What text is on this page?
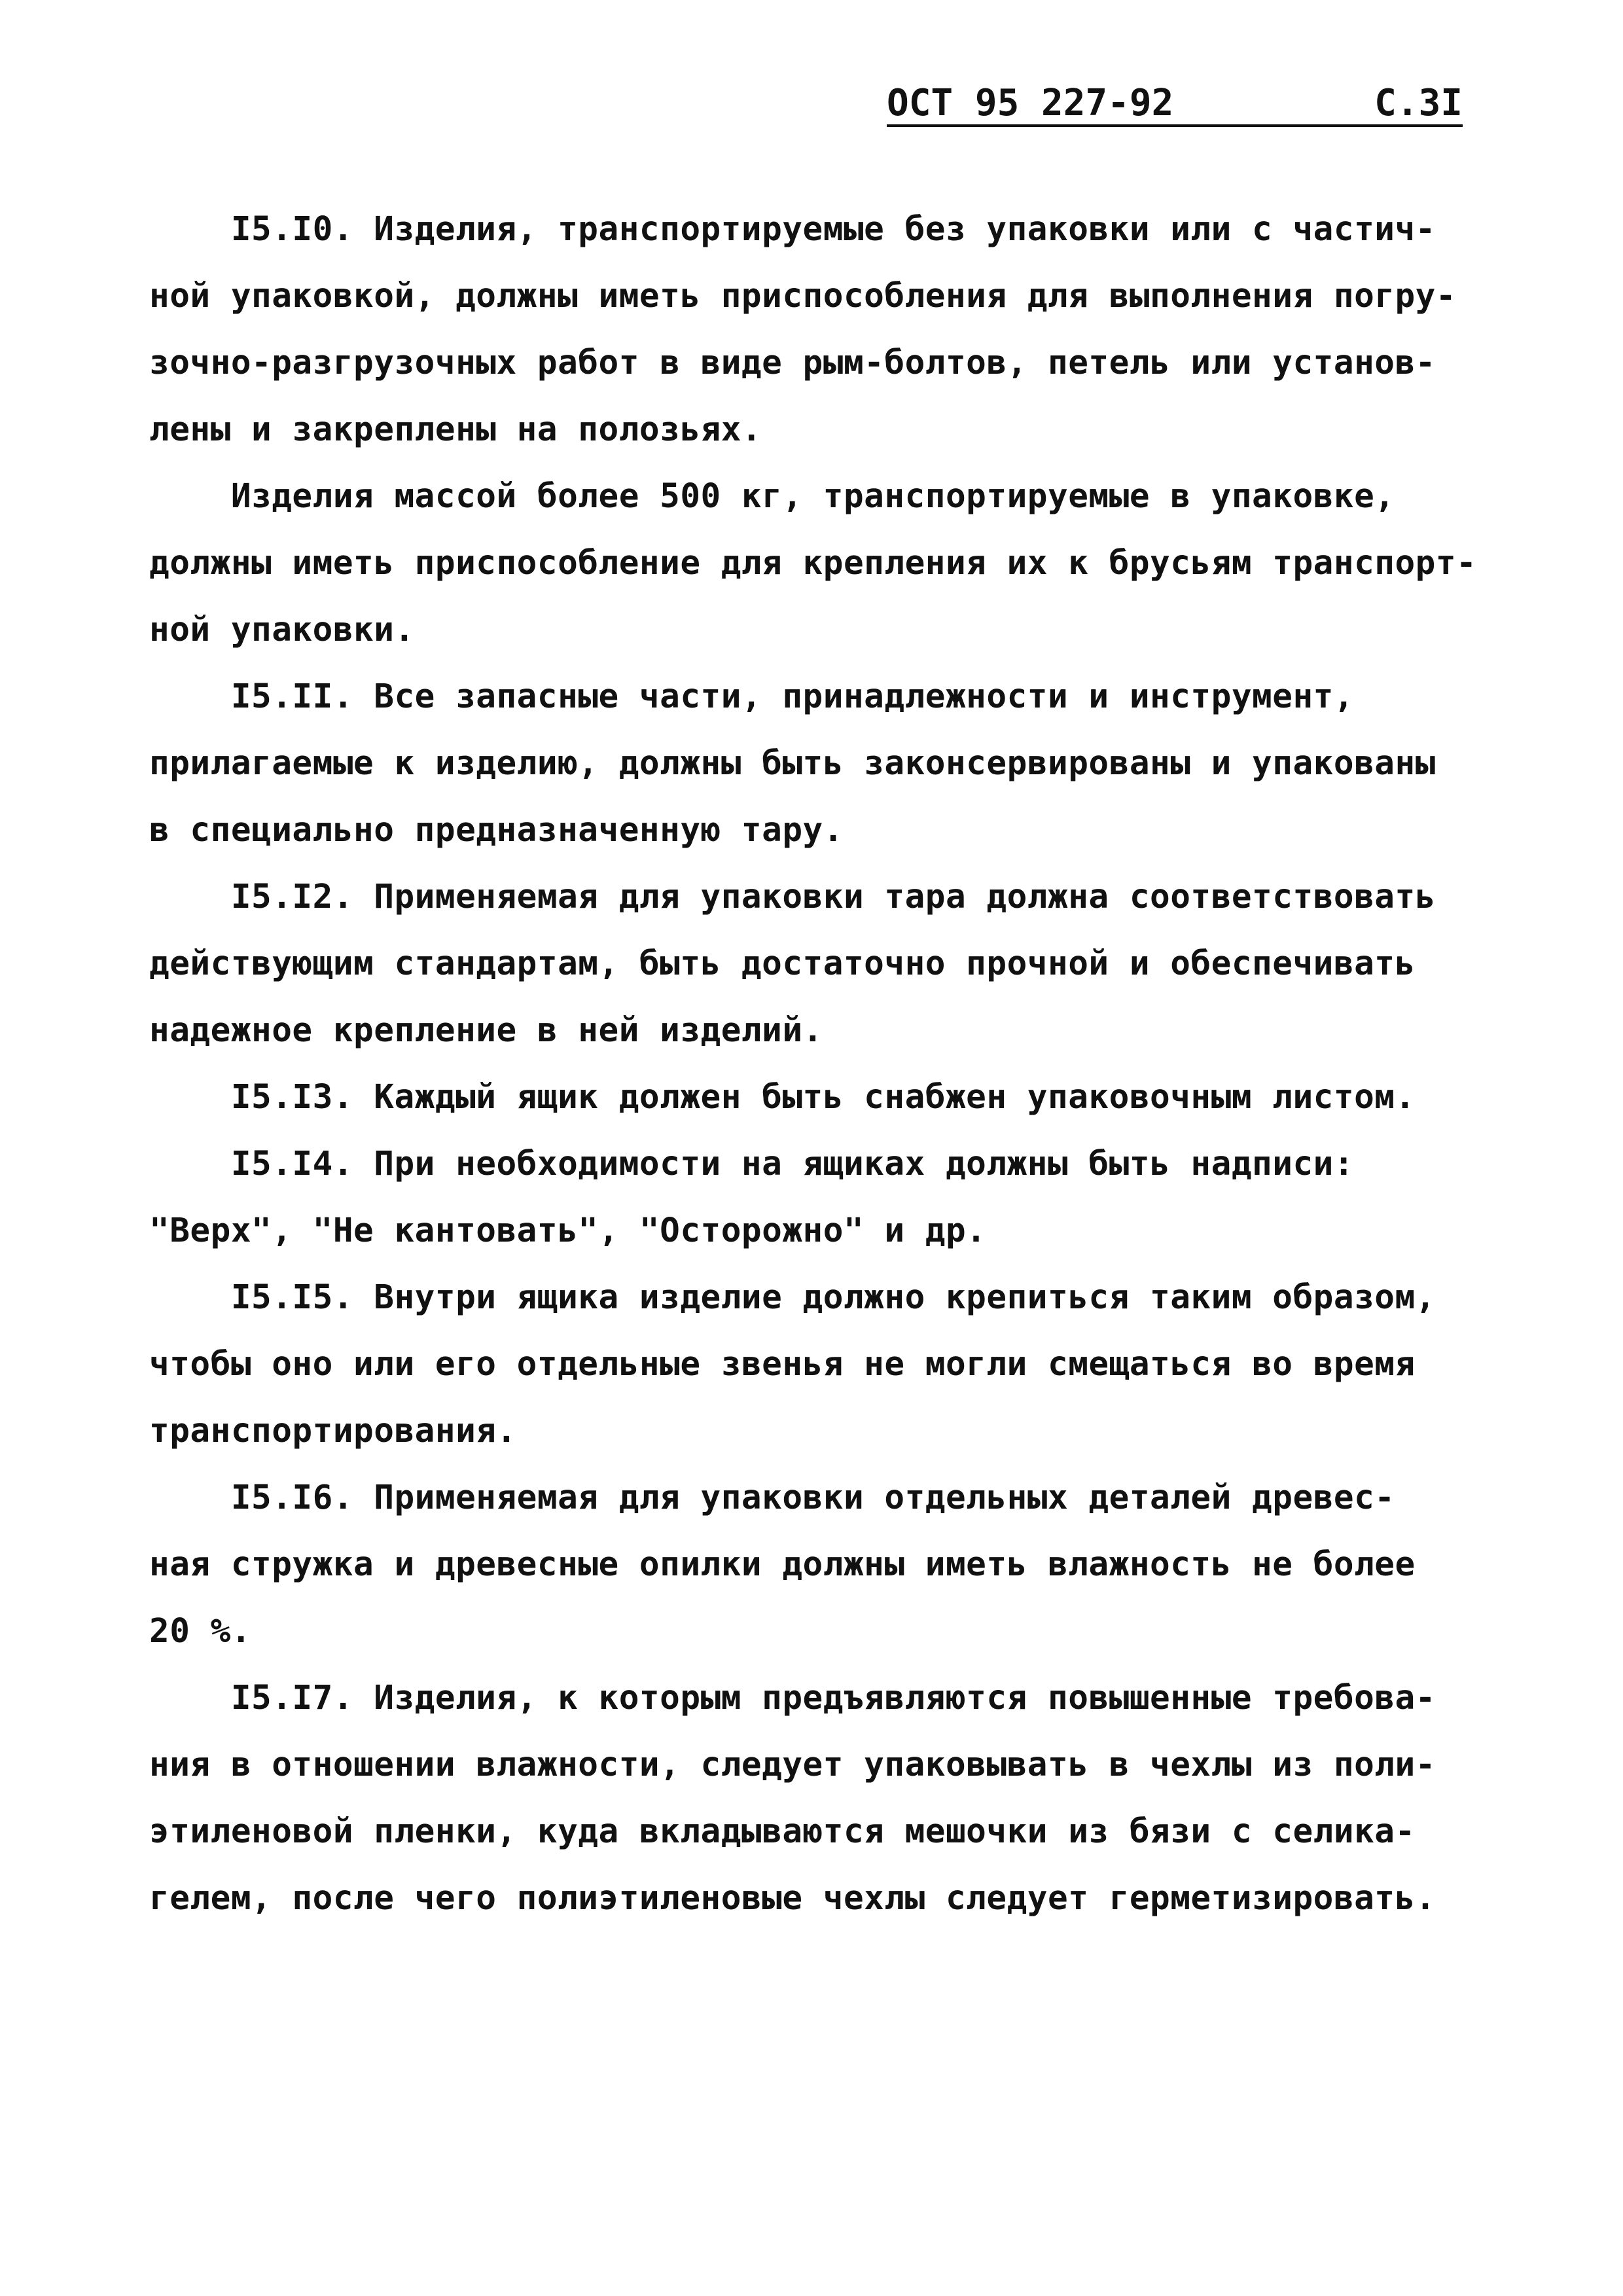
ОСТ 95 227-92	С.3I

I5.I0. Изделия, транспортируемые без упаковки или с частич-
ной упаковкой, должны иметь приспособления для выполнения погру-
зочно-разгрузочных работ в виде рым-болтов, петель или установ-
лены и закреплены на полозьях.

Изделия массой более 500 кг, транспортируемые в упаковке,
должны иметь приспособление для крепления их к брусьям транспорт-
ной упаковки.

I5.II. Все запасные части, принадлежности и инструмент,
прилагаемые к изделию, должны быть законсервированы и упакованы
в специально предназначенную тару.

I5.I2. Применяемая для упаковки тара должна соответствовать
действующим стандартам, быть достаточно прочной и обеспечивать
надежное крепление в ней изделий.

I5.I3. Каждый ящик должен быть снабжен упаковочным листом.

I5.I4. При необходимости на ящиках должны быть надписи:
"Верх", "Не кантовать", "Осторожно" и др.

I5.I5. Внутри ящика изделие должно крепиться таким образом,
чтобы оно или его отдельные звенья не могли смещаться во время
транспортирования.

I5.I6. Применяемая для упаковки отдельных деталей древес-
ная стружка и древесные опилки должны иметь влажность не более
20 %.

I5.I7. Изделия, к которым предъявляются повышенные требова-
ния в отношении влажности, следует упаковывать в чехлы из поли-
этиленовой пленки, куда вкладываются мешочки из бязи с селика-
гелем, после чего полиэтиленовые чехлы следует герметизировать.
